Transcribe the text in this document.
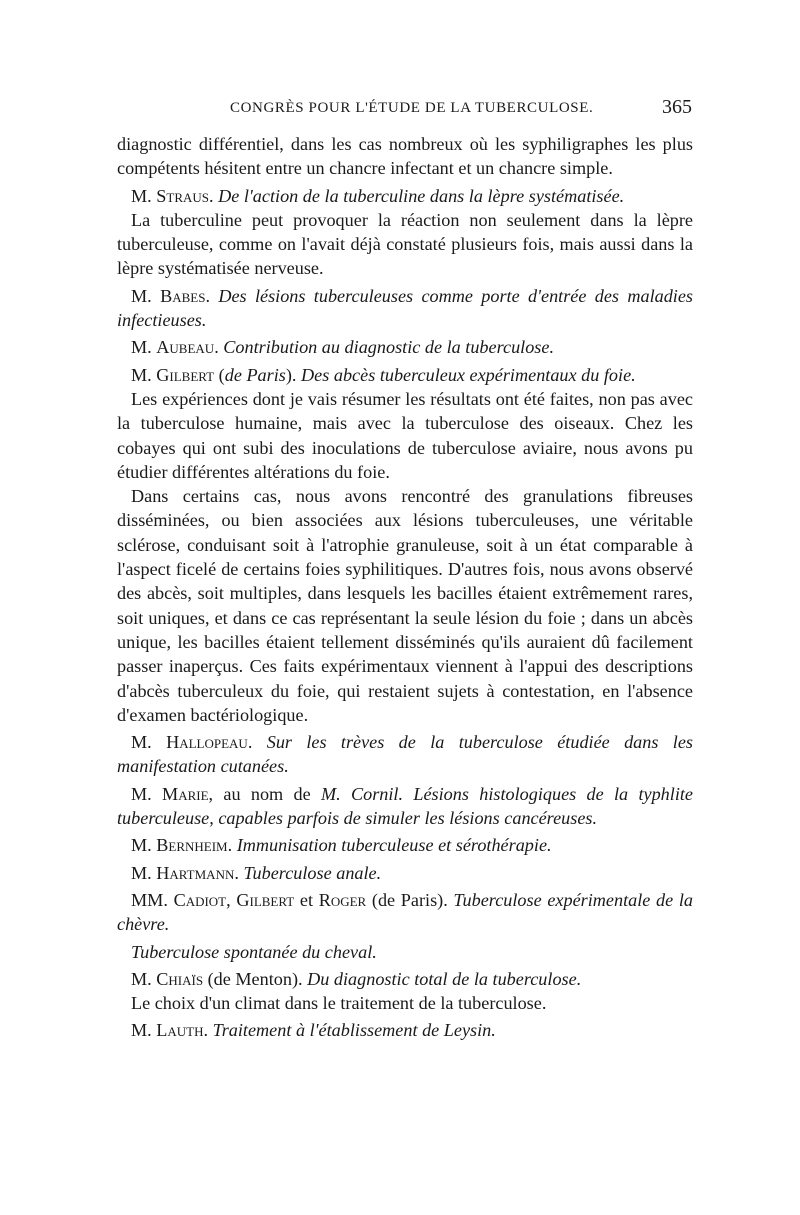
CONGRÈS POUR L'ÉTUDE DE LA TUBERCULOSE.	365

diagnostic différentiel, dans les cas nombreux où les syphiligraphes les plus compétents hésitent entre un chancre infectant et un chancre simple.

M. Straus. De l'action de la tuberculine dans la lèpre systématisée.

La tuberculine peut provoquer la réaction non seulement dans la lèpre tuberculeuse, comme on l'avait déjà constaté plusieurs fois, mais aussi dans la lèpre systématisée nerveuse.

M. Babes. Des lésions tuberculeuses comme porte d'entrée des maladies infectieuses.

M. Aubeau. Contribution au diagnostic de la tuberculose.

M. Gilbert (de Paris). Des abcès tuberculeux expérimentaux du foie.

Les expériences dont je vais résumer les résultats ont été faites, non pas avec la tuberculose humaine, mais avec la tuberculose des oiseaux. Chez les cobayes qui ont subi des inoculations de tuberculose aviaire, nous avons pu étudier différentes altérations du foie.

Dans certains cas, nous avons rencontré des granulations fibreuses disséminées, ou bien associées aux lésions tuberculeuses, une véritable sclérose, conduisant soit à l'atrophie granuleuse, soit à un état comparable à l'aspect ficelé de certains foies syphilitiques. D'autres fois, nous avons observé des abcès, soit multiples, dans lesquels les bacilles étaient extrêmement rares, soit uniques, et dans ce cas représentant la seule lésion du foie ; dans un abcès unique, les bacilles étaient tellement disséminés qu'ils auraient dû facilement passer inaperçus. Ces faits expérimentaux viennent à l'appui des descriptions d'abcès tuberculeux du foie, qui restaient sujets à contestation, en l'absence d'examen bactériologique.

M. Hallopeau. Sur les trèves de la tuberculose étudiée dans les manifestation cutanées.

M. Marie, au nom de M. Cornil. Lésions histologiques de la typhlite tuberculeuse, capables parfois de simuler les lésions cancéreuses.

M. Bernheim. Immunisation tuberculeuse et sérothérapie.

M. Hartmann. Tuberculose anale.

MM. Cadiot, Gilbert et Roger (de Paris). Tuberculose expérimentale de la chèvre.

Tuberculose spontanée du cheval.

M. Chiaïs (de Menton). Du diagnostic total de la tuberculose.

Le choix d'un climat dans le traitement de la tuberculose.

M. Lauth. Traitement à l'établissement de Leysin.
